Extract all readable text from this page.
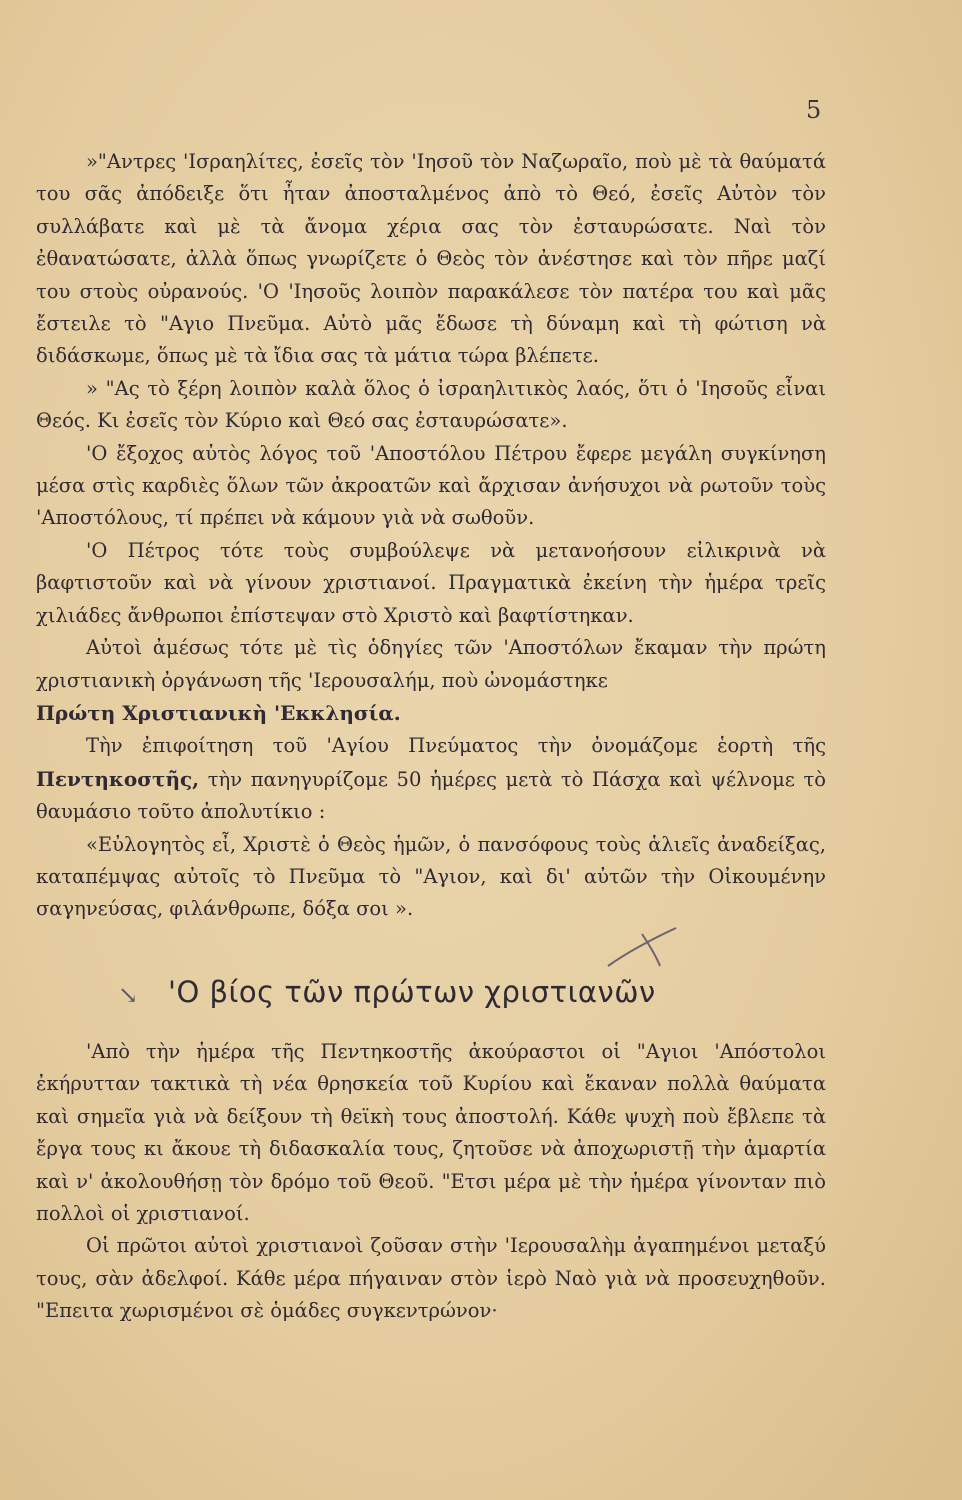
5

»"Αντρες 'Ισραηλίτες, ἐσεῖς τὸν 'Ιησοῦ τὸν Ναζωραῖο, ποὺ μὲ τὰ θαύματά του σᾶς ἀπόδειξε ὅτι ἦταν ἀποσταλμένος ἀπὸ τὸ Θεό, ἐσεῖς Αὐτὸν τὸν συλλάβατε καὶ μὲ τὰ ἄνομα χέρια σας τὸν ἐσταυρώσατε. Ναὶ τὸν ἐθανατώσατε, ἀλλὰ ὅπως γνωρίζετε ὁ Θεὸς τὸν ἀνέστησε καὶ τὸν πῆρε μαζί του στοὺς οὐρανούς. 'Ο 'Ιησοῦς λοιπὸν παρακάλεσε τὸν πατέρα του καὶ μᾶς ἔστειλε τὸ "Αγιο Πνεῦμα. Αὐτὸ μᾶς ἔδωσε τὴ δύναμη καὶ τὴ φώτιση νὰ διδάσκωμε, ὅπως μὲ τὰ ἴδια σας τὰ μάτια τώρα βλέπετε.

» "Ας τὸ ξέρη λοιπὸν καλὰ ὅλος ὁ ἰσραηλιτικὸς λαός, ὅτι ὁ 'Ιησοῦς εἶναι Θεός. Κι ἐσεῖς τὸν Κύριο καὶ Θεό σας ἐσταυρώσατε».

'Ο ἔξοχος αὐτὸς λόγος τοῦ 'Αποστόλου Πέτρου ἔφερε μεγάλη συγκίνηση μέσα στὶς καρδιὲς ὅλων τῶν ἀκροατῶν καὶ ἄρχισαν ἀνήσυχοι νὰ ρωτοῦν τοὺς 'Αποστόλους, τί πρέπει νὰ κάμουν γιὰ νὰ σωθοῦν.

'Ο Πέτρος τότε τοὺς συμβούλεψε νὰ μετανοήσουν εἰλικρινὰ νὰ βαφτιστοῦν καὶ νὰ γίνουν χριστιανοί. Πραγματικὰ ἐκείνη τὴν ἡμέρα τρεῖς χιλιάδες ἄνθρωποι ἐπίστεψαν στὸ Χριστὸ καὶ βαφτίστηκαν.

Αὐτοὶ ἀμέσως τότε μὲ τὶς ὁδηγίες τῶν 'Αποστόλων ἔκαμαν τὴν πρώτη χριστιανικὴ ὀργάνωση τῆς 'Ιερουσαλήμ, ποὺ ὠνομάστηκε
Πρώτη Χριστιανικὴ 'Εκκλησία.

Τὴν ἐπιφοίτηση τοῦ 'Αγίου Πνεύματος τὴν ὀνομάζομε ἑορτὴ τῆς Πεντηκοστῆς, τὴν πανηγυρίζομε 50 ἡμέρες μετὰ τὸ Πάσχα καὶ ψέλνομε τὸ θαυμάσιο τοῦτο ἀπολυτίκιο :

«Εὐλογητὸς εἶ, Χριστὲ ὁ Θεὸς ἡμῶν, ὁ πανσόφους τοὺς ἁλιεῖς ἀναδείξας, καταπέμψας αὐτοῖς τὸ Πνεῦμα τὸ "Αγιον, καὶ δι' αὐτῶν τὴν Οἰκουμένην σαγηνεύσας, φιλάνθρωπε, δόξα σοι ».

↘ 'Ο βίος τῶν πρώτων χριστιανῶν

'Απὸ τὴν ἡμέρα τῆς Πεντηκοστῆς ἀκούραστοι οἱ "Αγιοι 'Απόστολοι ἐκήρυτταν τακτικὰ τὴ νέα θρησκεία τοῦ Κυρίου καὶ ἔκαναν πολλὰ θαύματα καὶ σημεῖα γιὰ νὰ δείξουν τὴ θεϊκὴ τους ἀποστολή. Κάθε ψυχὴ ποὺ ἔβλεπε τὰ ἔργα τους κι ἄκουε τὴ διδασκαλία τους, ζητοῦσε νὰ ἀποχωριστῇ τὴν ἁμαρτία καὶ ν' ἀκολουθήσῃ τὸν δρόμο τοῦ Θεοῦ. "Ετσι μέρα μὲ τὴν ἡμέρα γίνονταν πιὸ πολλοὶ οἱ χριστιανοί.

Οἱ πρῶτοι αὐτοὶ χριστιανοὶ ζοῦσαν στὴν 'Ιερουσαλὴμ ἀγαπημένοι μεταξύ τους, σὰν ἀδελφοί. Κάθε μέρα πήγαιναν στὸν ἱερὸ Ναὸ γιὰ νὰ προσευχηθοῦν. "Επειτα χωρισμένοι σὲ ὁμάδες συγκεντρώνον·
